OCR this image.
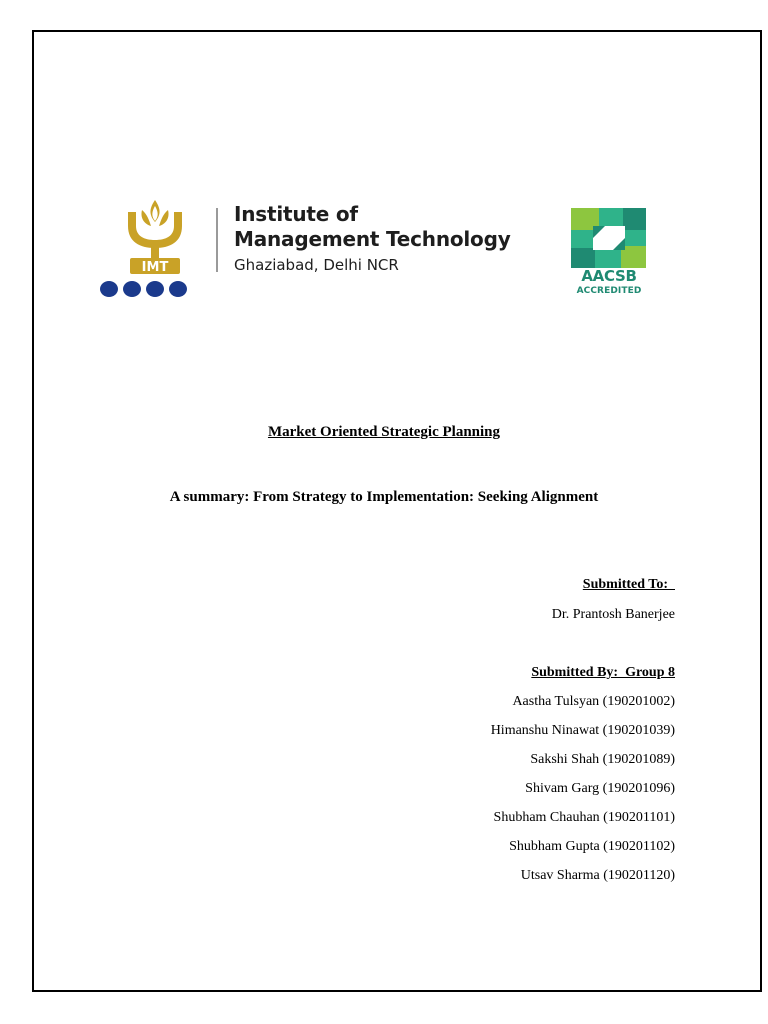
IMT
Institute of
Management Technology
Ghaziabad, Delhi NCR
AACSB
ACCREDITED
Market Oriented Strategic Planning
A summary: From Strategy to Implementation: Seeking Alignment
Submitted To:
Dr. Prantosh Banerjee
Submitted By:  Group 8
Aastha Tulsyan (190201002)
Himanshu Ninawat (190201039)
Sakshi Shah (190201089)
Shivam Garg (190201096)
Shubham Chauhan (190201101)
Shubham Gupta (190201102)
Utsav Sharma (190201120)
